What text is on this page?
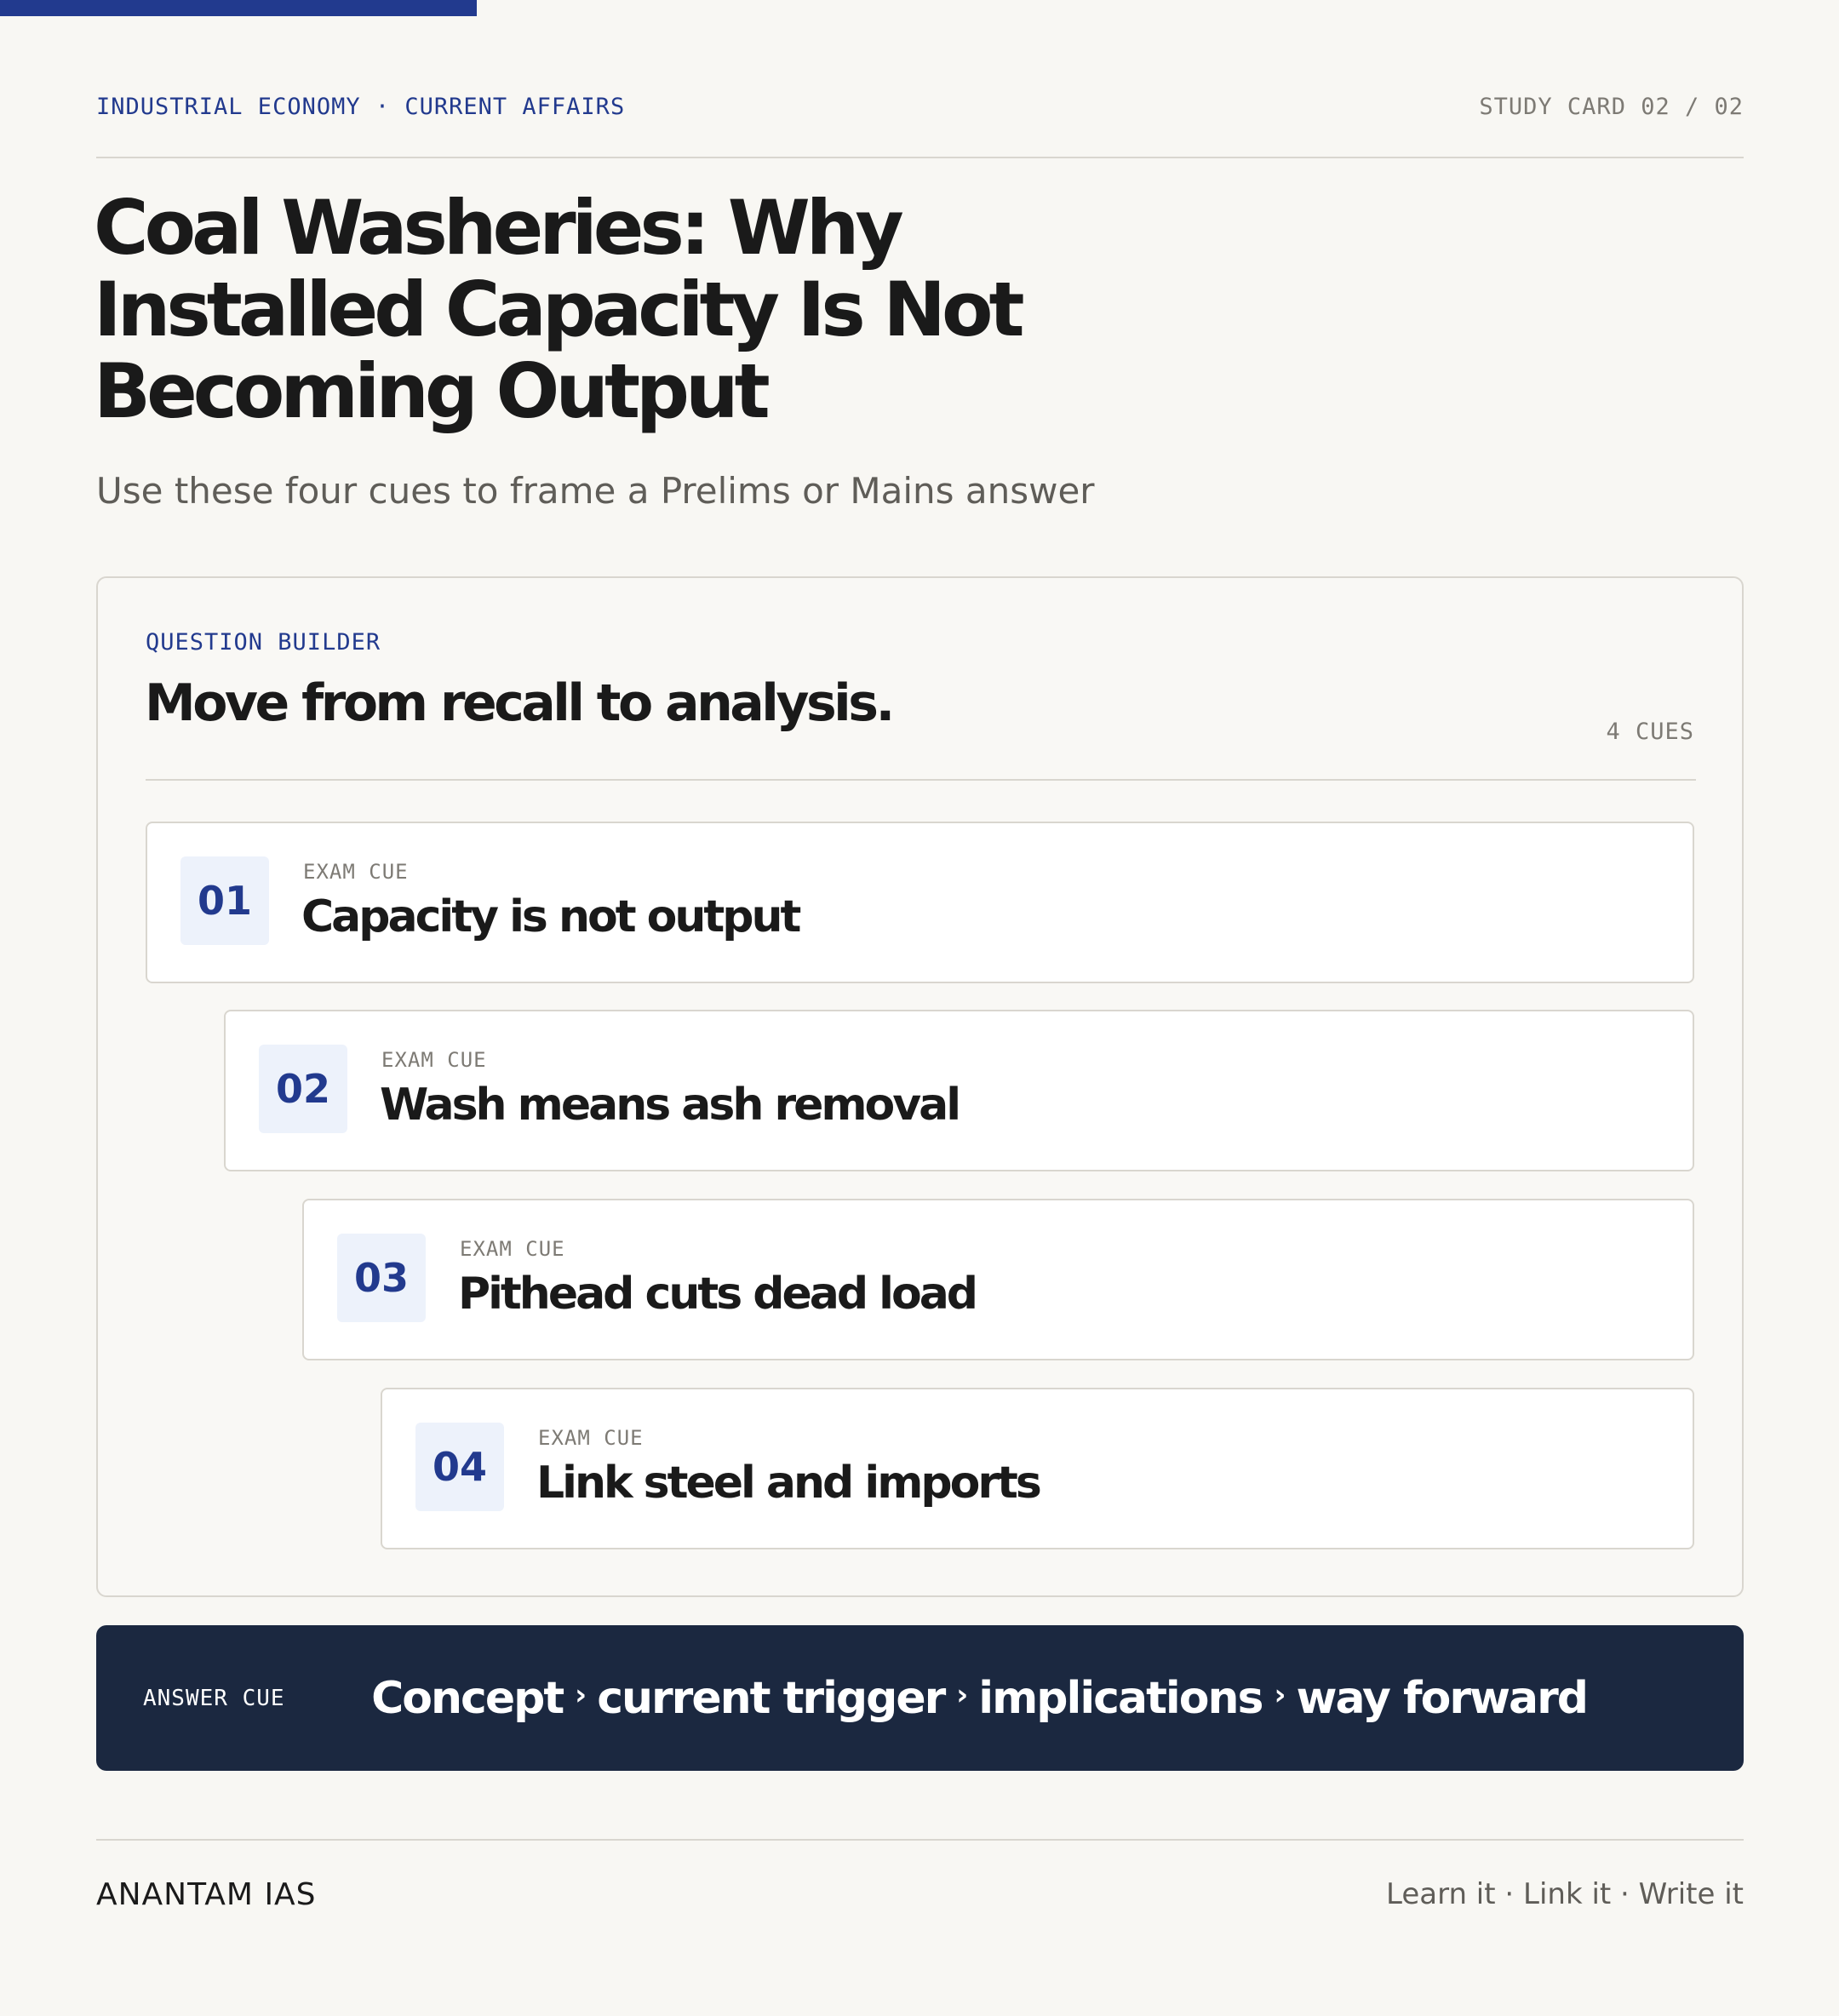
INDUSTRIAL ECONOMY · CURRENT AFFAIRS	STUDY CARD 02 / 02
Coal Washeries: Why
Installed Capacity Is Not
Becoming Output
Use these four cues to frame a Prelims or Mains answer
QUESTION BUILDER
Move from recall to analysis.	4 CUES
01
EXAM CUE
Capacity is not output
02
EXAM CUE
Wash means ash removal
03
EXAM CUE
Pithead cuts dead load
04
EXAM CUE
Link steel and imports
ANSWER CUE Concept › current trigger › implications › way forward
ANANTAM IAS	Learn it · Link it · Write it
